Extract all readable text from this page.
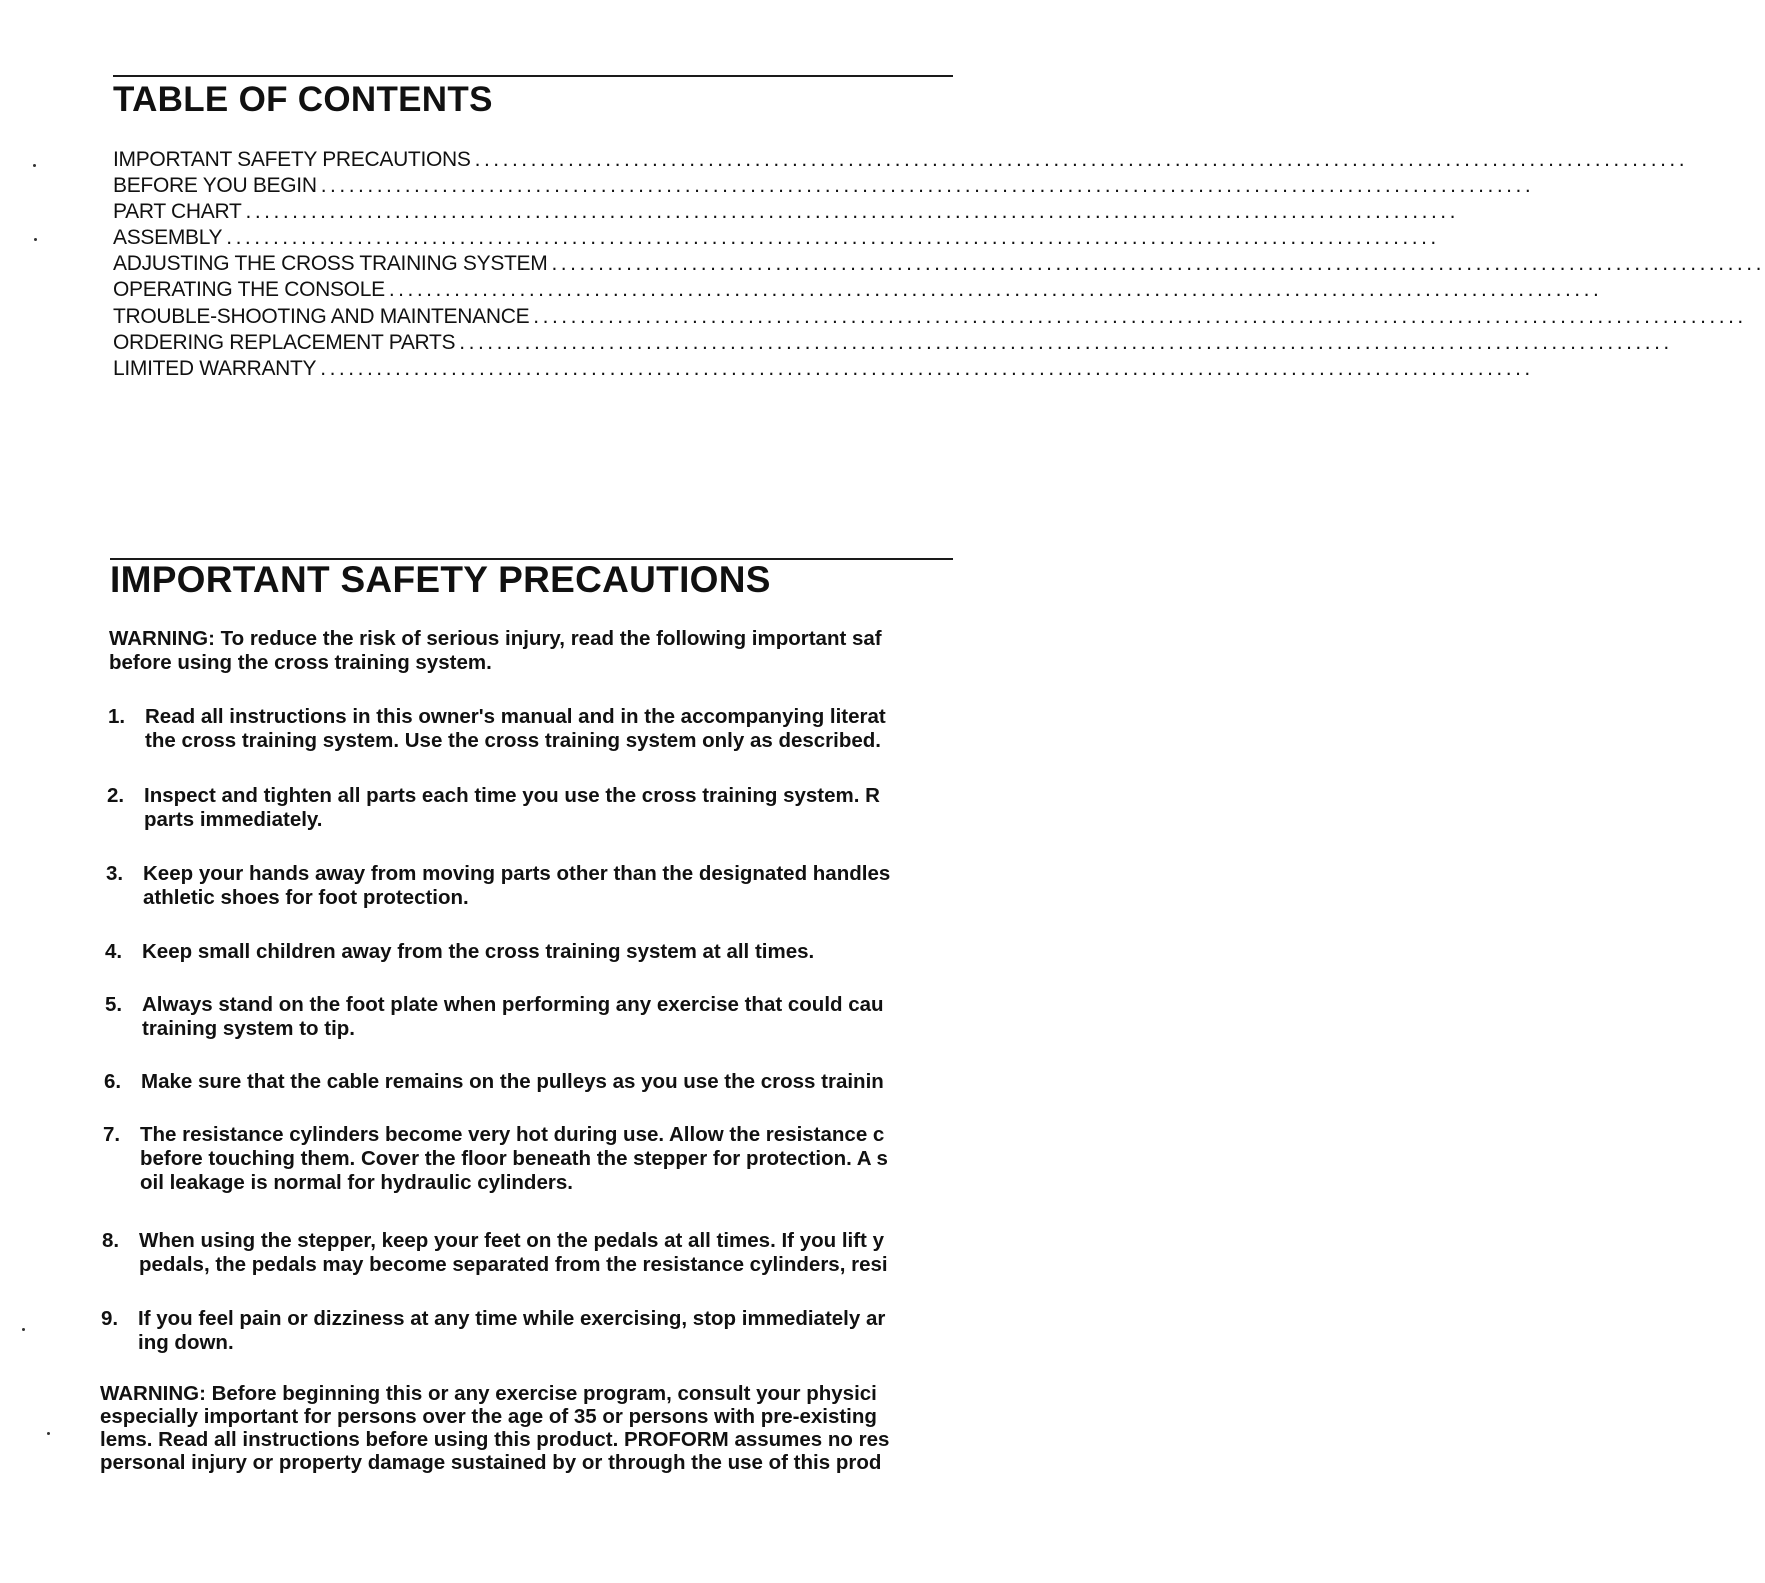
TABLE OF CONTENTS
IMPORTANT SAFETY PRECAUTIONS ..................................................................................................................................
BEFORE YOU BEGIN ..................................................................................................................................
PART CHART ..................................................................................................................................
ASSEMBLY ..................................................................................................................................
ADJUSTING THE CROSS TRAINING SYSTEM ..................................................................................................................................
OPERATING THE CONSOLE ..................................................................................................................................
TROUBLE-SHOOTING AND MAINTENANCE ..................................................................................................................................
ORDERING REPLACEMENT PARTS ..................................................................................................................................
LIMITED WARRANTY ..................................................................................................................................
IMPORTANT SAFETY PRECAUTIONS

WARNING: To reduce the risk of serious injury, read the following important saf
before using the cross training system.

1. Read all instructions in this owner's manual and in the accompanying literat
the cross training system. Use the cross training system only as described.
2. Inspect and tighten all parts each time you use the cross training system. R
parts immediately.
3. Keep your hands away from moving parts other than the designated handles
athletic shoes for foot protection.
4. Keep small children away from the cross training system at all times.
5. Always stand on the foot plate when performing any exercise that could cau
training system to tip.
6. Make sure that the cable remains on the pulleys as you use the cross trainin
7. The resistance cylinders become very hot during use. Allow the resistance c
before touching them. Cover the floor beneath the stepper for protection. A s
oil leakage is normal for hydraulic cylinders.
8. When using the stepper, keep your feet on the pedals at all times. If you lift y
pedals, the pedals may become separated from the resistance cylinders, resi
9. If you feel pain or dizziness at any time while exercising, stop immediately ar
ing down.

WARNING: Before beginning this or any exercise program, consult your physici
especially important for persons over the age of 35 or persons with pre-existing
lems. Read all instructions before using this product. PROFORM assumes no res
personal injury or property damage sustained by or through the use of this prod
